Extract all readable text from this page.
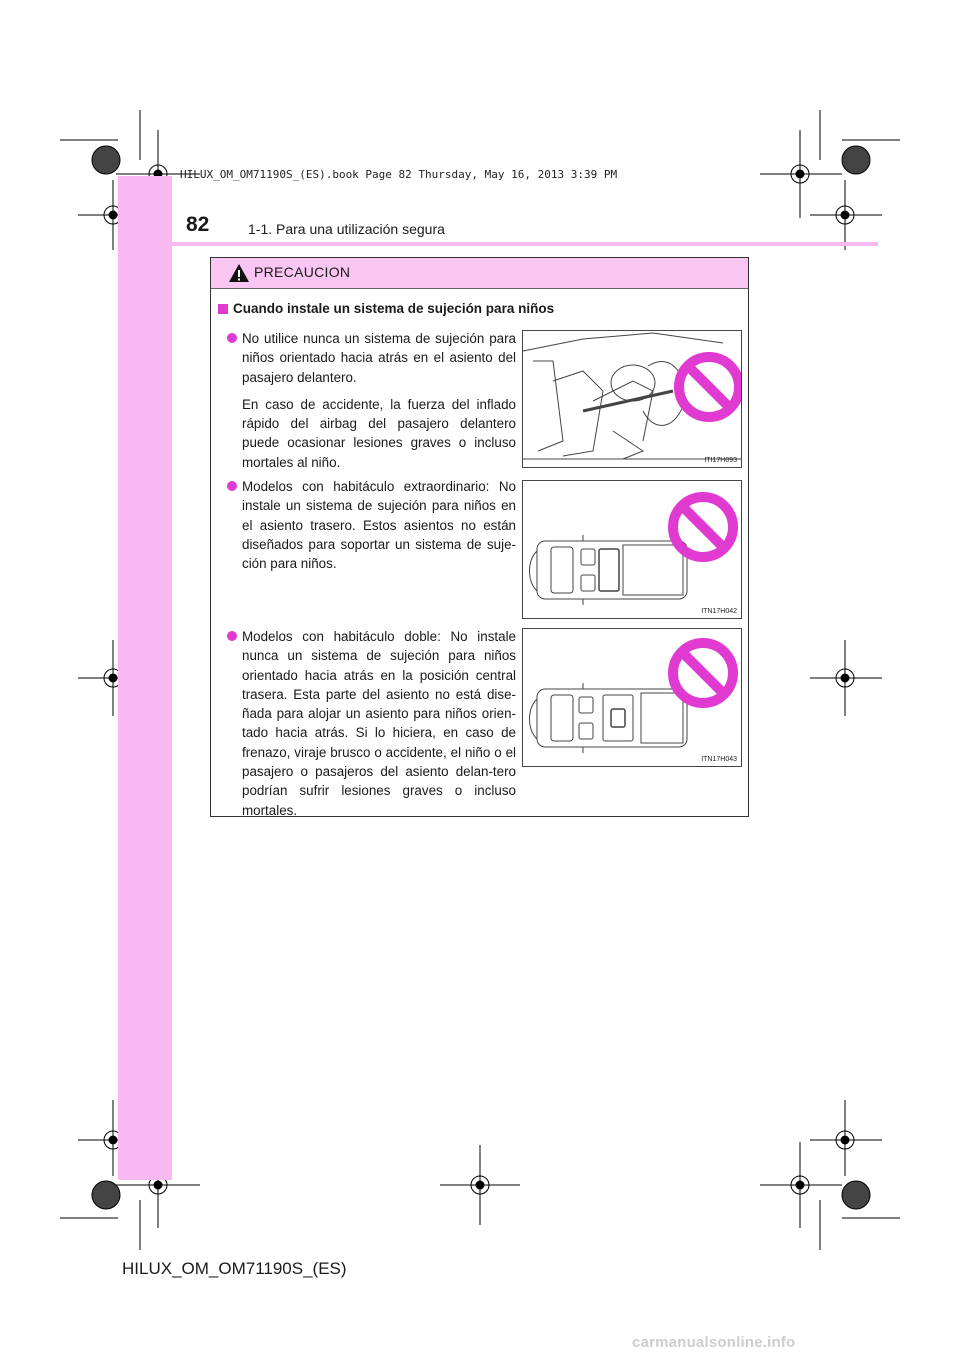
HILUX_OM_OM71190S_(ES).book Page 82 Thursday, May 16, 2013 3:39 PM
82	1-1. Para una utilización segura
PRECAUCION
Cuando instale un sistema de sujeción para niños
No utilice nunca un sistema de sujeción para niños orientado hacia atrás en el asiento del pasajero delantero.
En caso de accidente, la fuerza del inflado rápido del airbag del pasajero delantero puede ocasionar lesiones graves o incluso mortales al niño.	ITI17H093
Modelos con habitáculo extraordinario: No instale un sistema de sujeción para niños en el asiento trasero. Estos asientos no están diseñados para soportar un sistema de suje-ción para niños.
ITN17H042
Modelos con habitáculo doble: No instale nunca un sistema de sujeción para niños orientado hacia atrás en la posición central trasera. Esta parte del asiento no está dise-ñada para alojar un asiento para niños orien-tado hacia atrás. Si lo hiciera, en caso de frenazo, viraje brusco o accidente, el niño o el pasajero o pasajeros del asiento delan-tero podrían sufrir lesiones graves o incluso mortales.
ITN17H043
HILUX_OM_OM71190S_(ES)
carmanualsonline.info
